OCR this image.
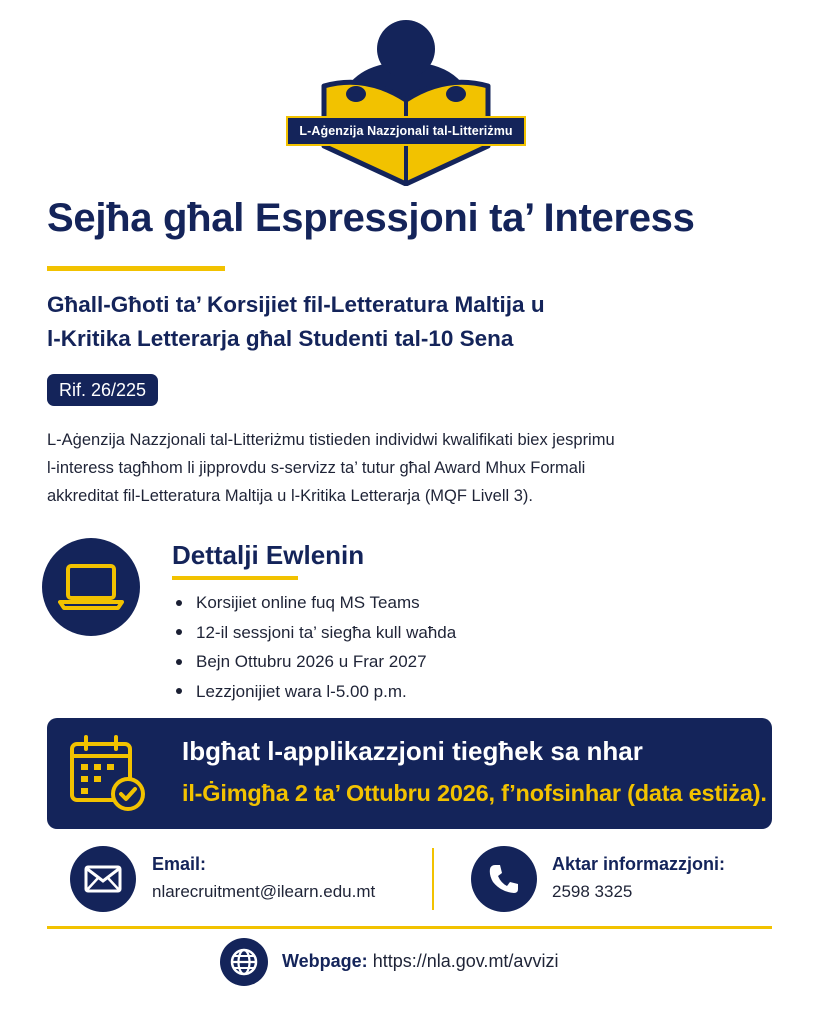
L-Aġenzija Nazzjonali tal-Litteriżmu
Sejħa għal Espressjoni ta’ Interess
Għall-Għoti ta’ Korsijiet fil-Letteratura Maltija u
l-Kritika Letterarja għal Studenti tal-10 Sena
Rif. 26/225
L-Aġenzija Nazzjonali tal-Litteriżmu tistieden individwi kwalifikati biex jesprimu
l-interess tagħhom li jipprovdu s-servizz ta’ tutur għal Award Mhux Formali
akkreditat fil-Letteratura Maltija u l-Kritika Letterarja (MQF Livell 3).
Dettalji Ewlenin
Korsijiet online fuq MS Teams
12-il sessjoni ta’ siegħa kull waħda
Bejn Ottubru 2026 u Frar 2027
Lezzjonijiet wara l-5.00 p.m.
Ibgħat l-applikazzjoni tiegħek sa nhar
il-Ġimgħa 2 ta’ Ottubru 2026, f’nofsinhar (data estiża).
Email:
nlarecruitment@ilearn.edu.mt
Aktar informazzjoni:
2598 3325
Webpage: https://nla.gov.mt/avvizi
